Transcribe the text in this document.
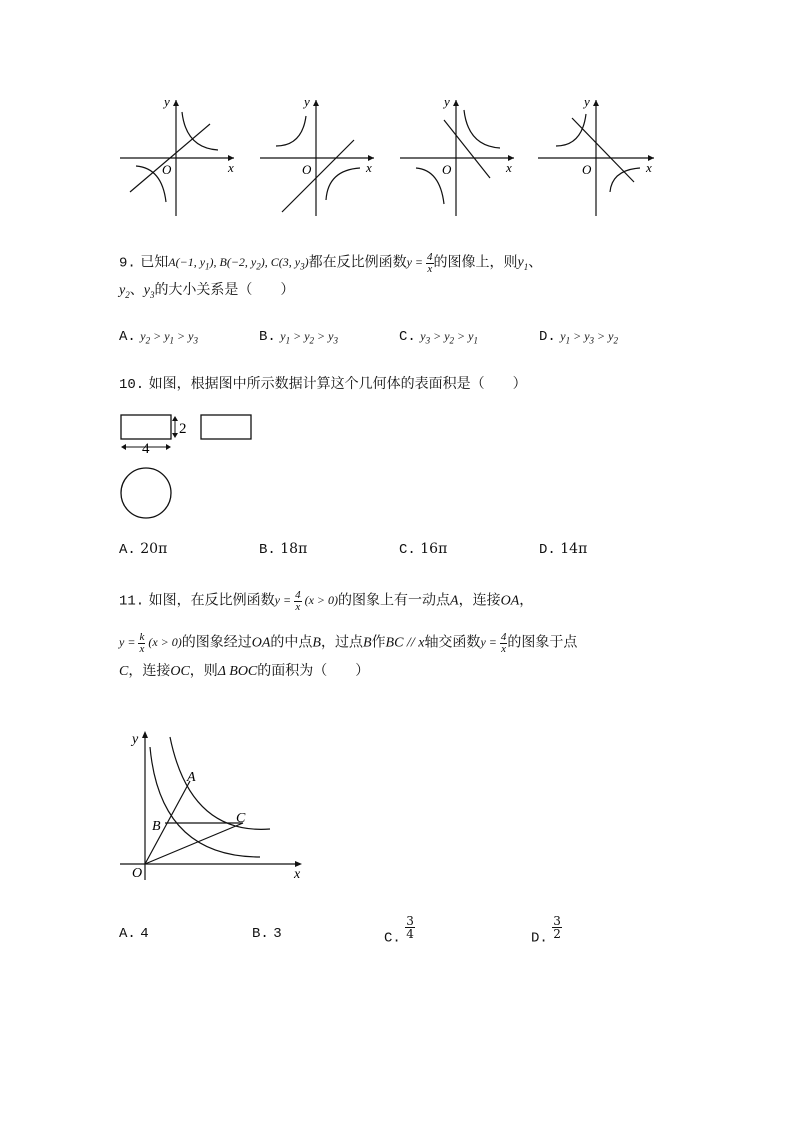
y
x
O
y
x
O
y
x
O
y
x
O
9. 已知A(−1, $y_1$), B(−2, $y_2$), C(3, $y_3$)都在反比例函数$y = \frac{4}{x}$ 的图像上，则$y_1$、
$y_2$、$y_3$的大小关系是（　　）
A. $y_2 > y_1 > y_3$	B. $y_1 > y_2 > y_3$	C. $y_3 > y_2 > y_1$	D. $y_1 > y_3 > y_2$
10. 如图，根据图中所示数据计算这个几何体的表面积是（　　）
2
4
A. 20π	B. 18π	C. 16π	D. 14π
11. 如图，在反比例函数$y = \frac{4}{x} (x > 0)$的图象上有一动点A，连接OA，
$y = \frac{k}{x} (x > 0)$的图象经过OA的中点B，过点B作BC // x轴交函数$y = \frac{4}{x}$ 的图象于点
C，连接OC，则Δ BOC的面积为（　　）
y
x
O
A
B
C
A. 4	B. 3	C. $\frac{3}{4}$	D. $\frac{3}{2}$
